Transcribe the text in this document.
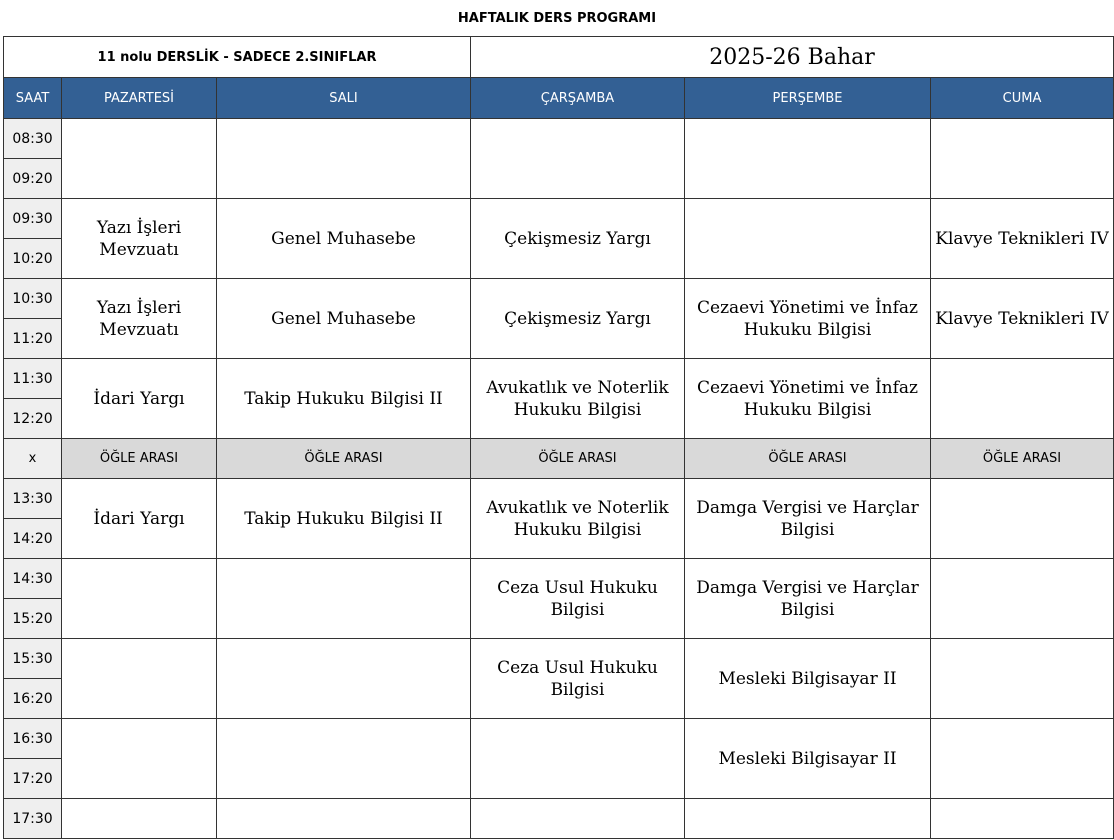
HAFTALIK DERS PROGRAMI
11 nolu DERSLİK - SADECE 2.SINIFLAR			2025-26 Bahar		
SAAT	PAZARTESİ	SALI	ÇARŞAMBA	PERŞEMBE	CUMA
08:30	

09:20					
09:30	Yazı İşleri Mevzuatı	Genel Muhasebe	Çekişmesiz Yargı		Klavye Teknikleri IV

10:20					
10:30	Yazı İşleri Mevzuatı	Genel Muhasebe	Çekişmesiz Yargı	Cezaevi Yönetimi ve İnfaz Hukuku Bilgisi	Klavye Teknikleri IV

11:20					
11:30	İdari Yargı	Takip Hukuku Bilgisi II	Avukatlık ve Noterlik Hukuku Bilgisi	Cezaevi Yönetimi ve İnfaz Hukuku Bilgisi	

12:20					
x	ÖĞLE ARASI	ÖĞLE ARASI	ÖĞLE ARASI	ÖĞLE ARASI	ÖĞLE ARASI
13:30	İdari Yargı	Takip Hukuku Bilgisi II	Avukatlık ve Noterlik Hukuku Bilgisi	Damga Vergisi ve Harçlar Bilgisi	

14:20					
14:30			Ceza Usul Hukuku Bilgisi	Damga Vergisi ve Harçlar Bilgisi	

15:20					
15:30			Ceza Usul Hukuku Bilgisi	Mesleki Bilgisayar II	

16:20					
16:30				Mesleki Bilgisayar II	

17:20					
17:30	
